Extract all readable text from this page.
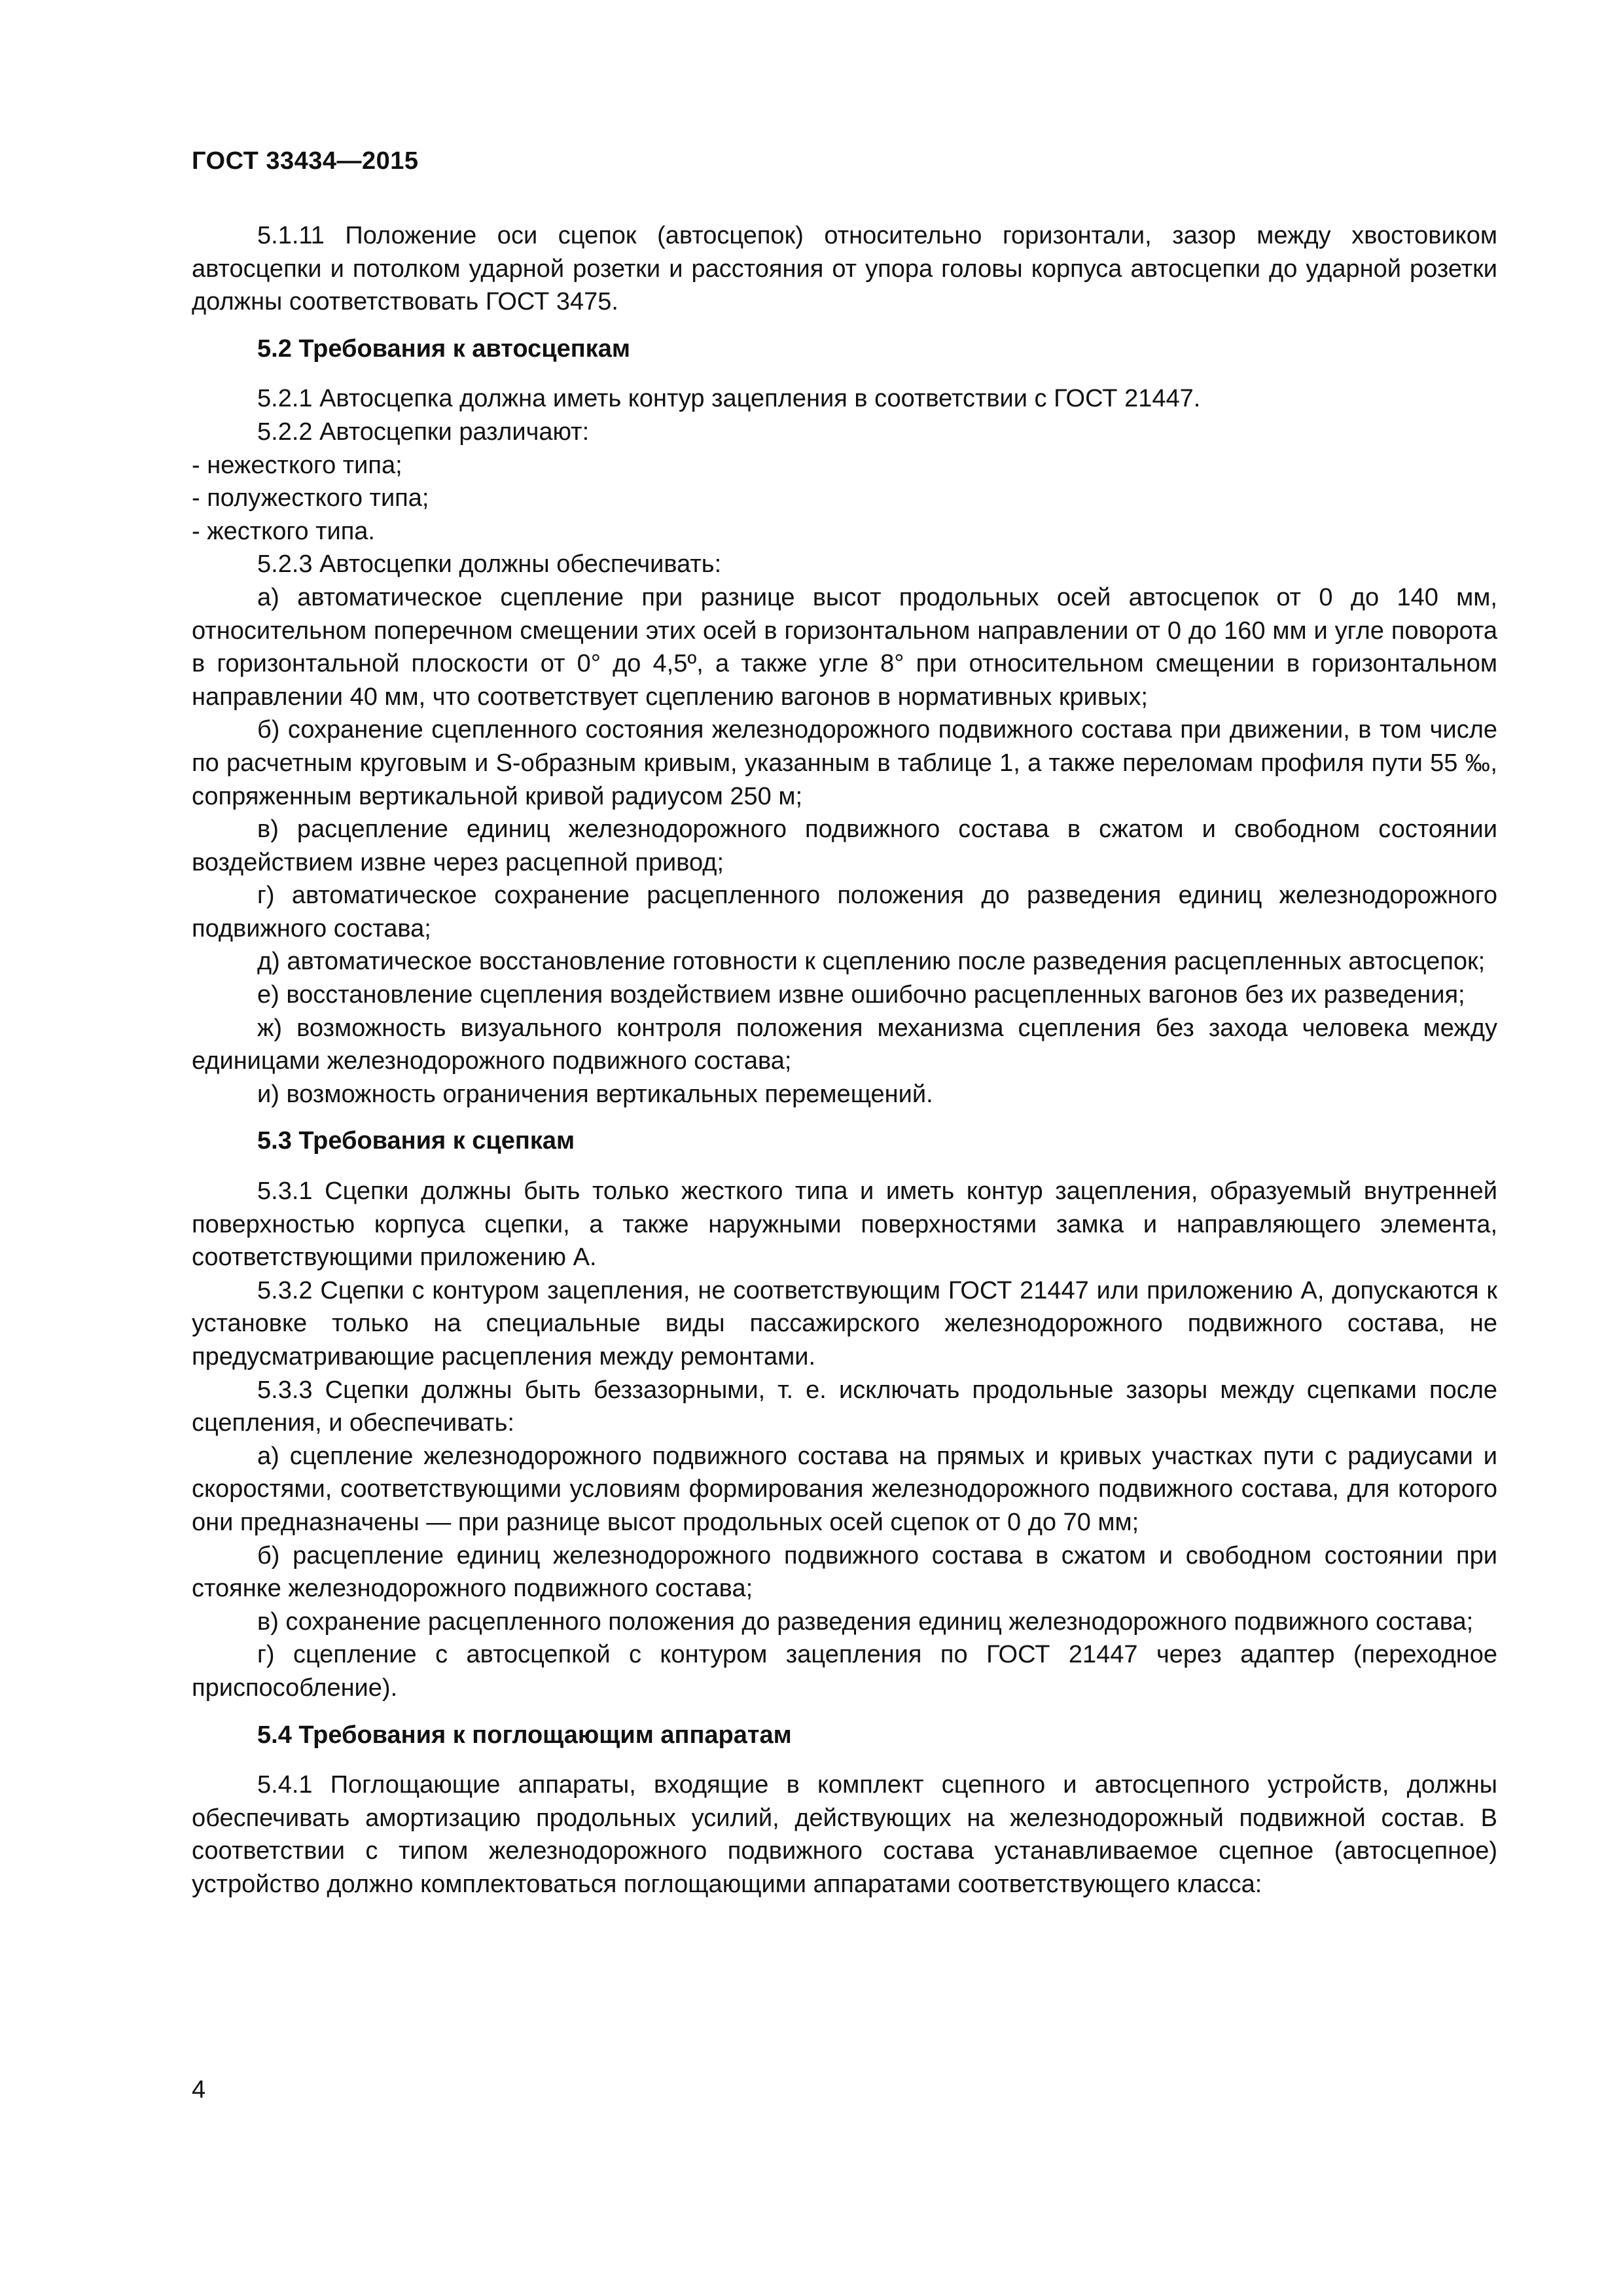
ГОСТ 33434—2015

5.1.11 Положение оси сцепок (автосцепок) относительно горизонтали, зазор между хвостовиком автосцепки и потолком ударной розетки и расстояния от упора головы корпуса автосцепки до ударной розетки должны соответствовать ГОСТ 3475.

5.2 Требования к автосцепкам

5.2.1 Автосцепка должна иметь контур зацепления в соответствии с ГОСТ 21447.

5.2.2 Автосцепки различают:

- нежесткого типа;

- полужесткого типа;

- жесткого типа.

5.2.3 Автосцепки должны обеспечивать:

а) автоматическое сцепление при разнице высот продольных осей автосцепок от 0 до 140 мм, относительном поперечном смещении этих осей в горизонтальном направлении от 0 до 160 мм и угле поворота в горизонтальной плоскости от 0° до 4,5º, а также угле 8° при относительном смещении в горизонтальном направлении 40 мм, что соответствует сцеплению вагонов в нормативных кривых;

б) сохранение сцепленного состояния железнодорожного подвижного состава при движении, в том числе по расчетным круговым и S-образным кривым, указанным в таблице 1, а также переломам профиля пути 55 ‰, сопряженным вертикальной кривой радиусом 250 м;

в) расцепление единиц железнодорожного подвижного состава в сжатом и свободном состоянии воздействием извне через расцепной привод;

г) автоматическое сохранение расцепленного положения до разведения единиц железнодорожного подвижного состава;

д) автоматическое восстановление готовности к сцеплению после разведения расцепленных автосцепок;

е) восстановление сцепления воздействием извне ошибочно расцепленных вагонов без их разведения;

ж) возможность визуального контроля положения механизма сцепления без захода человека между единицами железнодорожного подвижного состава;

и) возможность ограничения вертикальных перемещений.

5.3 Требования к сцепкам

5.3.1 Сцепки должны быть только жесткого типа и иметь контур зацепления, образуемый внутренней поверхностью корпуса сцепки, а также наружными поверхностями замка и направляющего элемента, соответствующими приложению А.

5.3.2 Сцепки с контуром зацепления, не соответствующим ГОСТ 21447 или приложению А, допускаются к установке только на специальные виды пассажирского железнодорожного подвижного состава, не предусматривающие расцепления между ремонтами.

5.3.3 Сцепки должны быть беззазорными, т. е. исключать продольные зазоры между сцепками после сцепления, и обеспечивать:

а) сцепление железнодорожного подвижного состава на прямых и кривых участках пути с радиусами и скоростями, соответствующими условиям формирования железнодорожного подвижного состава, для которого они предназначены — при разнице высот продольных осей сцепок от 0 до 70 мм;

б) расцепление единиц железнодорожного подвижного состава в сжатом и свободном состоянии при стоянке железнодорожного подвижного состава;

в) сохранение расцепленного положения до разведения единиц железнодорожного подвижного состава;

г) сцепление с автосцепкой с контуром зацепления по ГОСТ 21447 через адаптер (переходное приспособление).

5.4 Требования к поглощающим аппаратам

5.4.1 Поглощающие аппараты, входящие в комплект сцепного и автосцепного устройств, должны обеспечивать амортизацию продольных усилий, действующих на железнодорожный подвижной состав. В соответствии с типом железнодорожного подвижного состава устанавливаемое сцепное (автосцепное) устройство должно комплектоваться поглощающими аппаратами соответствующего класса:

4
